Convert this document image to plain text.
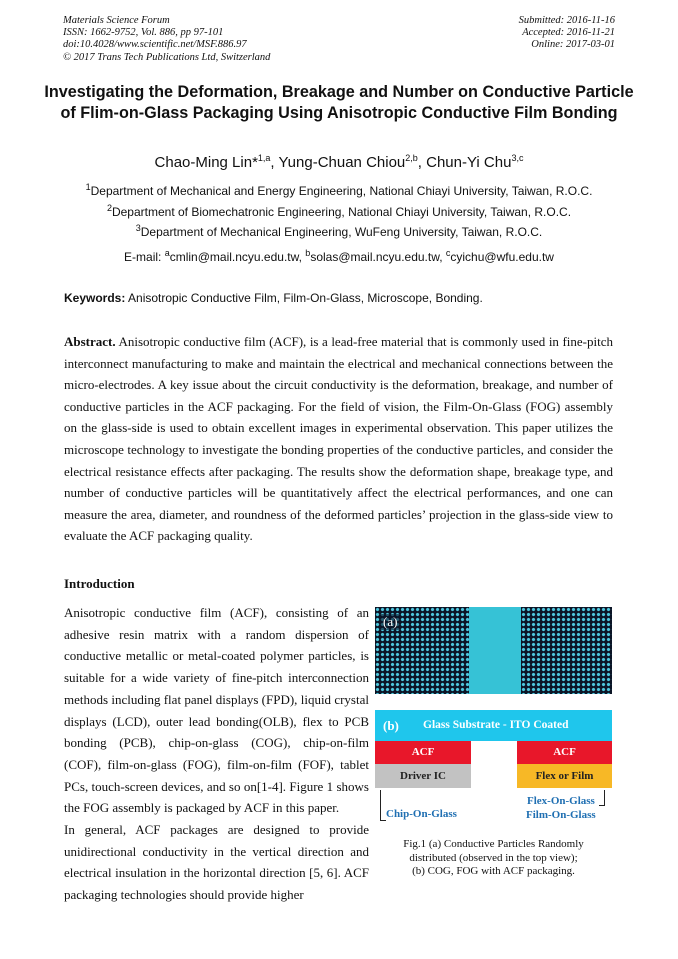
Materials Science Forum
ISSN: 1662-9752, Vol. 886, pp 97-101
doi:10.4028/www.scientific.net/MSF.886.97
© 2017 Trans Tech Publications Ltd, Switzerland
Submitted: 2016-11-16
Accepted: 2016-11-21
Online: 2017-03-01
Investigating the Deformation, Breakage and Number on Conductive Particle of Flim-on-Glass Packaging Using Anisotropic Conductive Film Bonding
Chao-Ming Lin*$^{1,a}$, Yung-Chuan Chiou$^{2,b}$, Chun-Yi Chu$^{3,c}$
$^1$Department of Mechanical and Energy Engineering, National Chiayi University, Taiwan, R.O.C.
$^2$Department of Biomechatronic Engineering, National Chiayi University, Taiwan, R.O.C.
$^3$Department of Mechanical Engineering, WuFeng University, Taiwan, R.O.C.
E-mail: $^a$cmlin@mail.ncyu.edu.tw, $^b$solas@mail.ncyu.edu.tw, $^c$cyichu@wfu.edu.tw
Keywords: Anisotropic Conductive Film, Film-On-Glass, Microscope, Bonding.
Abstract. Anisotropic conductive film (ACF), is a lead-free material that is commonly used in fine-pitch interconnect manufacturing to make and maintain the electrical and mechanical connections between the micro-electrodes. A key issue about the circuit conductivity is the deformation, breakage, and number of conductive particles in the ACF packaging. For the field of vision, the Film-On-Glass (FOG) assembly on the glass-side is used to obtain excellent images in experimental observation. This paper utilizes the microscope technology to investigate the bonding properties of the conductive particles, and consider the electrical resistance effects after packaging. The results show the deformation shape, breakage type, and number of conductive particles will be quantitatively affect the electrical performances, and one can measure the area, diameter, and roundness of the deformed particles’ projection in the glass-side view to evaluate the ACF packaging quality.
Introduction

Anisotropic conductive film (ACF), consisting of an adhesive resin matrix with a random dispersion of conductive metallic or metal-coated polymer particles, is suitable for a wide variety of fine-pitch interconnection methods including flat panel displays (FPD), liquid crystal displays (LCD), outer lead bonding(OLB), flex to PCB bonding (PCB), chip-on-glass (COG), chip-on-film (COF), film-on-glass (FOG), film-on-film (FOF), tablet PCs, touch-screen devices, and so on[1-4]. Figure 1 shows the FOG assembly is packaged by ACF in this paper.

In general, ACF packages are designed to provide unidirectional conductivity in the vertical direction and electrical insulation in the horizontal direction [5, 6]. ACF packaging technologies should provide higher

(a)
(b) Glass Substrate - ITO Coated
ACF	ACF
Driver IC	Flex or Film
Chip-On-Glass
Flex-On-Glass
Film-On-Glass
Fig.1 (a) Conductive Particles Randomly
distributed (observed in the top view);
(b) COG, FOG with ACF packaging.
